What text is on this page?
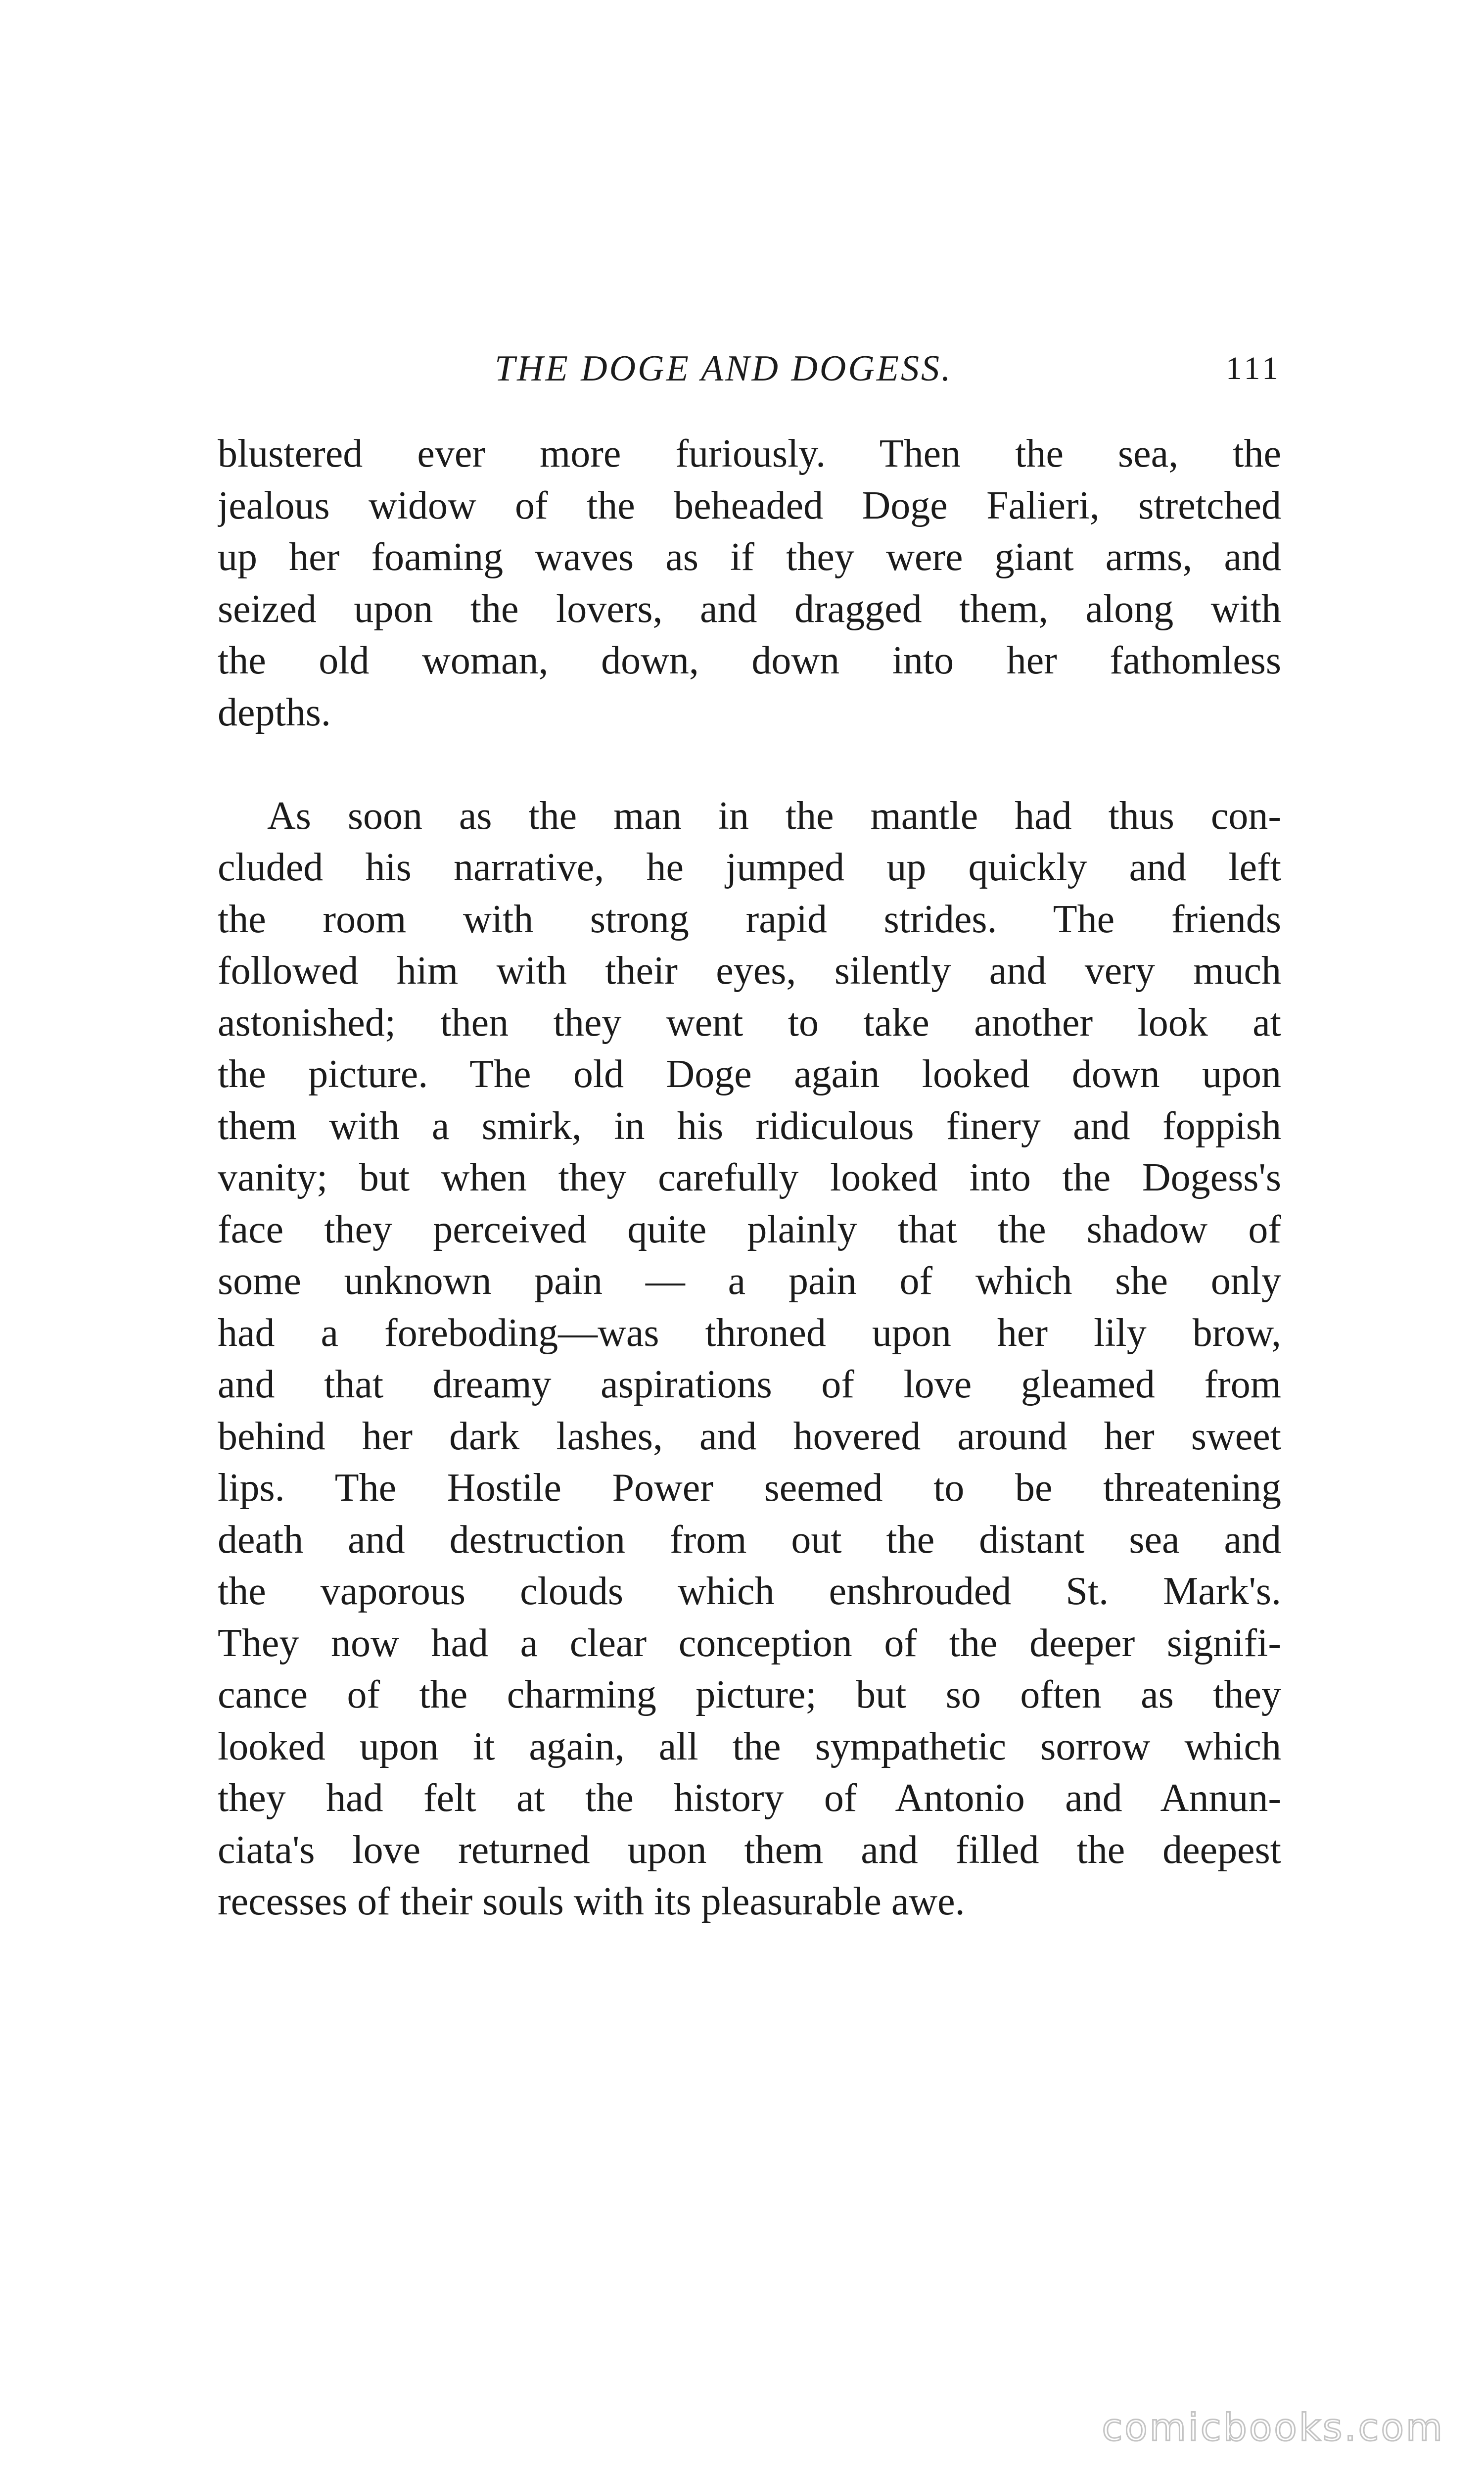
THE DOGE AND DOGESS.	111
blustered ever more furiously. Then the sea, the
jealous widow of the beheaded Doge Falieri, stretched
up her foaming waves as if they were giant arms, and
seized upon the lovers, and dragged them, along with
the old woman, down, down into her fathomless
depths.
As soon as the man in the mantle had thus con-
cluded his narrative, he jumped up quickly and left
the room with strong rapid strides. The friends
followed him with their eyes, silently and very much
astonished; then they went to take another look at
the picture. The old Doge again looked down upon
them with a smirk, in his ridiculous finery and foppish
vanity; but when they carefully looked into the Dogess's
face they perceived quite plainly that the shadow of
some unknown pain — a pain of which she only
had a foreboding—was throned upon her lily brow,
and that dreamy aspirations of love gleamed from
behind her dark lashes, and hovered around her sweet
lips. The Hostile Power seemed to be threatening
death and destruction from out the distant sea and
the vaporous clouds which enshrouded St. Mark's.
They now had a clear conception of the deeper signifi-
cance of the charming picture; but so often as they
looked upon it again, all the sympathetic sorrow which
they had felt at the history of Antonio and Annun-
ciata's love returned upon them and filled the deepest
recesses of their souls with its pleasurable awe.
comicbooks.com
